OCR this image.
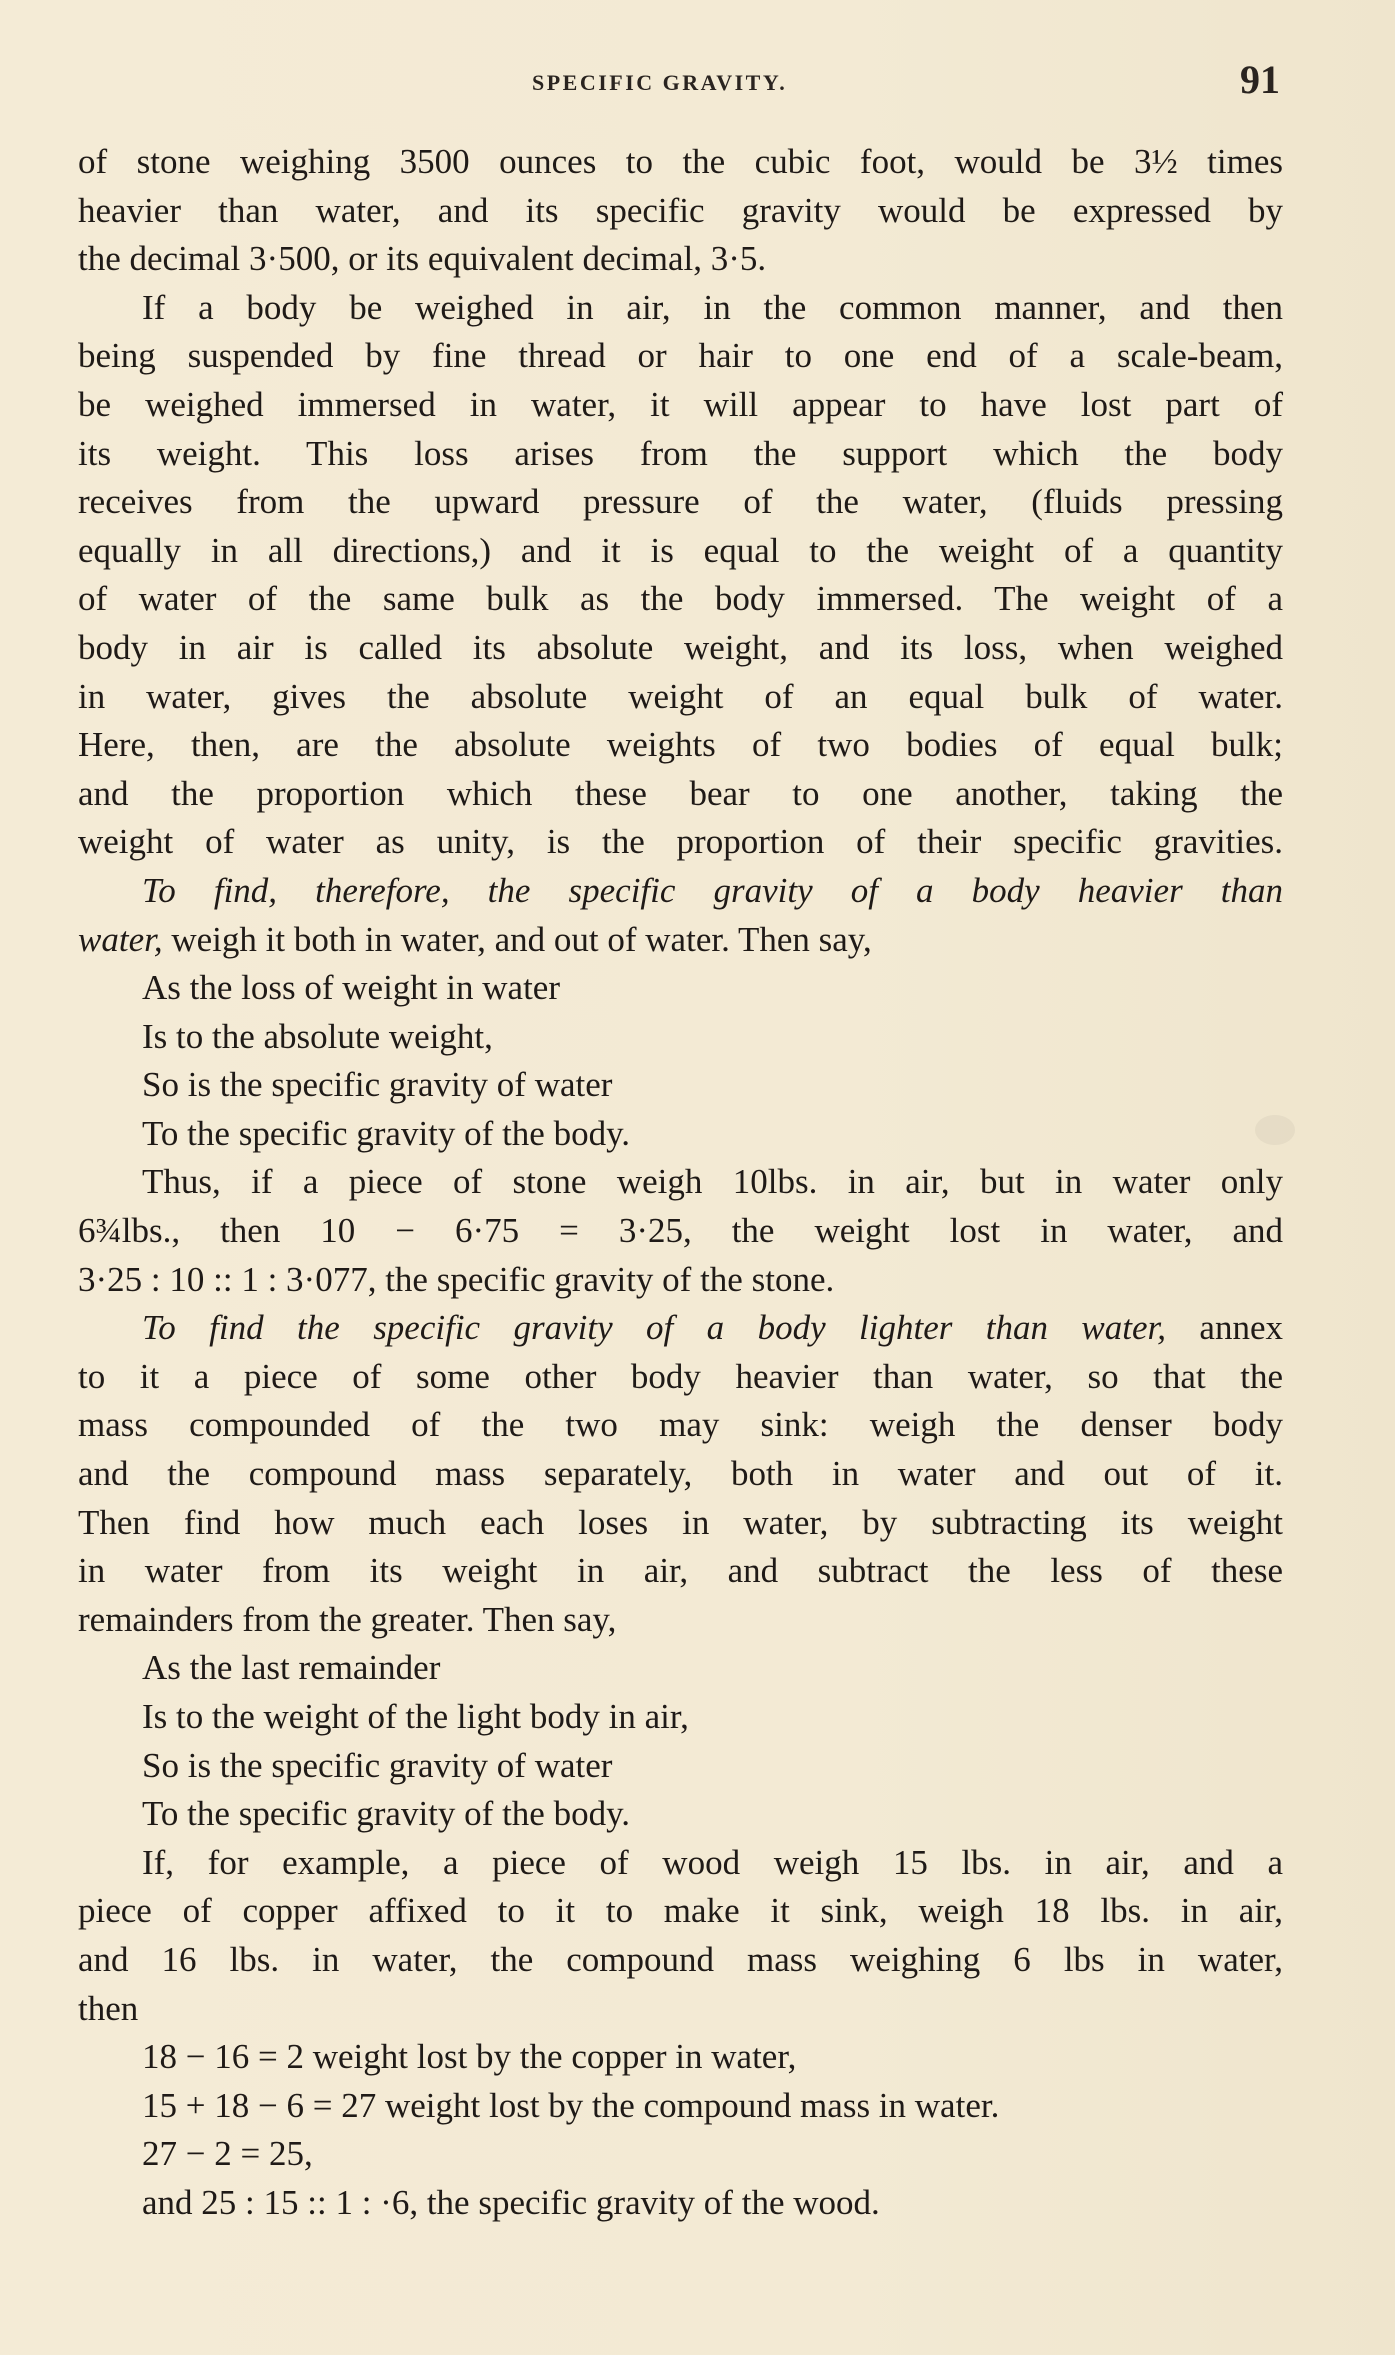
SPECIFIC GRAVITY.	91
of stone weighing 3500 ounces to the cubic foot, would be 3½ times
heavier than water, and its specific gravity would be expressed by
the decimal 3·500, or its equivalent decimal, 3·5.
If a body be weighed in air, in the common manner, and then
being suspended by fine thread or hair to one end of a scale-beam,
be weighed immersed in water, it will appear to have lost part of
its weight. This loss arises from the support which the body
receives from the upward pressure of the water, (fluids pressing
equally in all directions,) and it is equal to the weight of a quantity
of water of the same bulk as the body immersed. The weight of a
body in air is called its absolute weight, and its loss, when weighed
in water, gives the absolute weight of an equal bulk of water.
Here, then, are the absolute weights of two bodies of equal bulk;
and the proportion which these bear to one another, taking the
weight of water as unity, is the proportion of their specific gravities.
To find, therefore, the specific gravity of a body heavier than
water, weigh it both in water, and out of water. Then say,
As the loss of weight in water
Is to the absolute weight,
So is the specific gravity of water
To the specific gravity of the body.
Thus, if a piece of stone weigh 10lbs. in air, but in water only
6¾lbs., then 10 − 6·75 = 3·25, the weight lost in water, and
3·25 : 10 :: 1 : 3·077, the specific gravity of the stone.
To find the specific gravity of a body lighter than water, annex
to it a piece of some other body heavier than water, so that the
mass compounded of the two may sink: weigh the denser body
and the compound mass separately, both in water and out of it.
Then find how much each loses in water, by subtracting its weight
in water from its weight in air, and subtract the less of these
remainders from the greater. Then say,
As the last remainder
Is to the weight of the light body in air,
So is the specific gravity of water
To the specific gravity of the body.
If, for example, a piece of wood weigh 15 lbs. in air, and a
piece of copper affixed to it to make it sink, weigh 18 lbs. in air,
and 16 lbs. in water, the compound mass weighing 6 lbs in water,
then
18 − 16 = 2 weight lost by the copper in water,
15 + 18 − 6 = 27 weight lost by the compound mass in water.
27 − 2 = 25,
and 25 : 15 :: 1 : ·6, the specific gravity of the wood.
